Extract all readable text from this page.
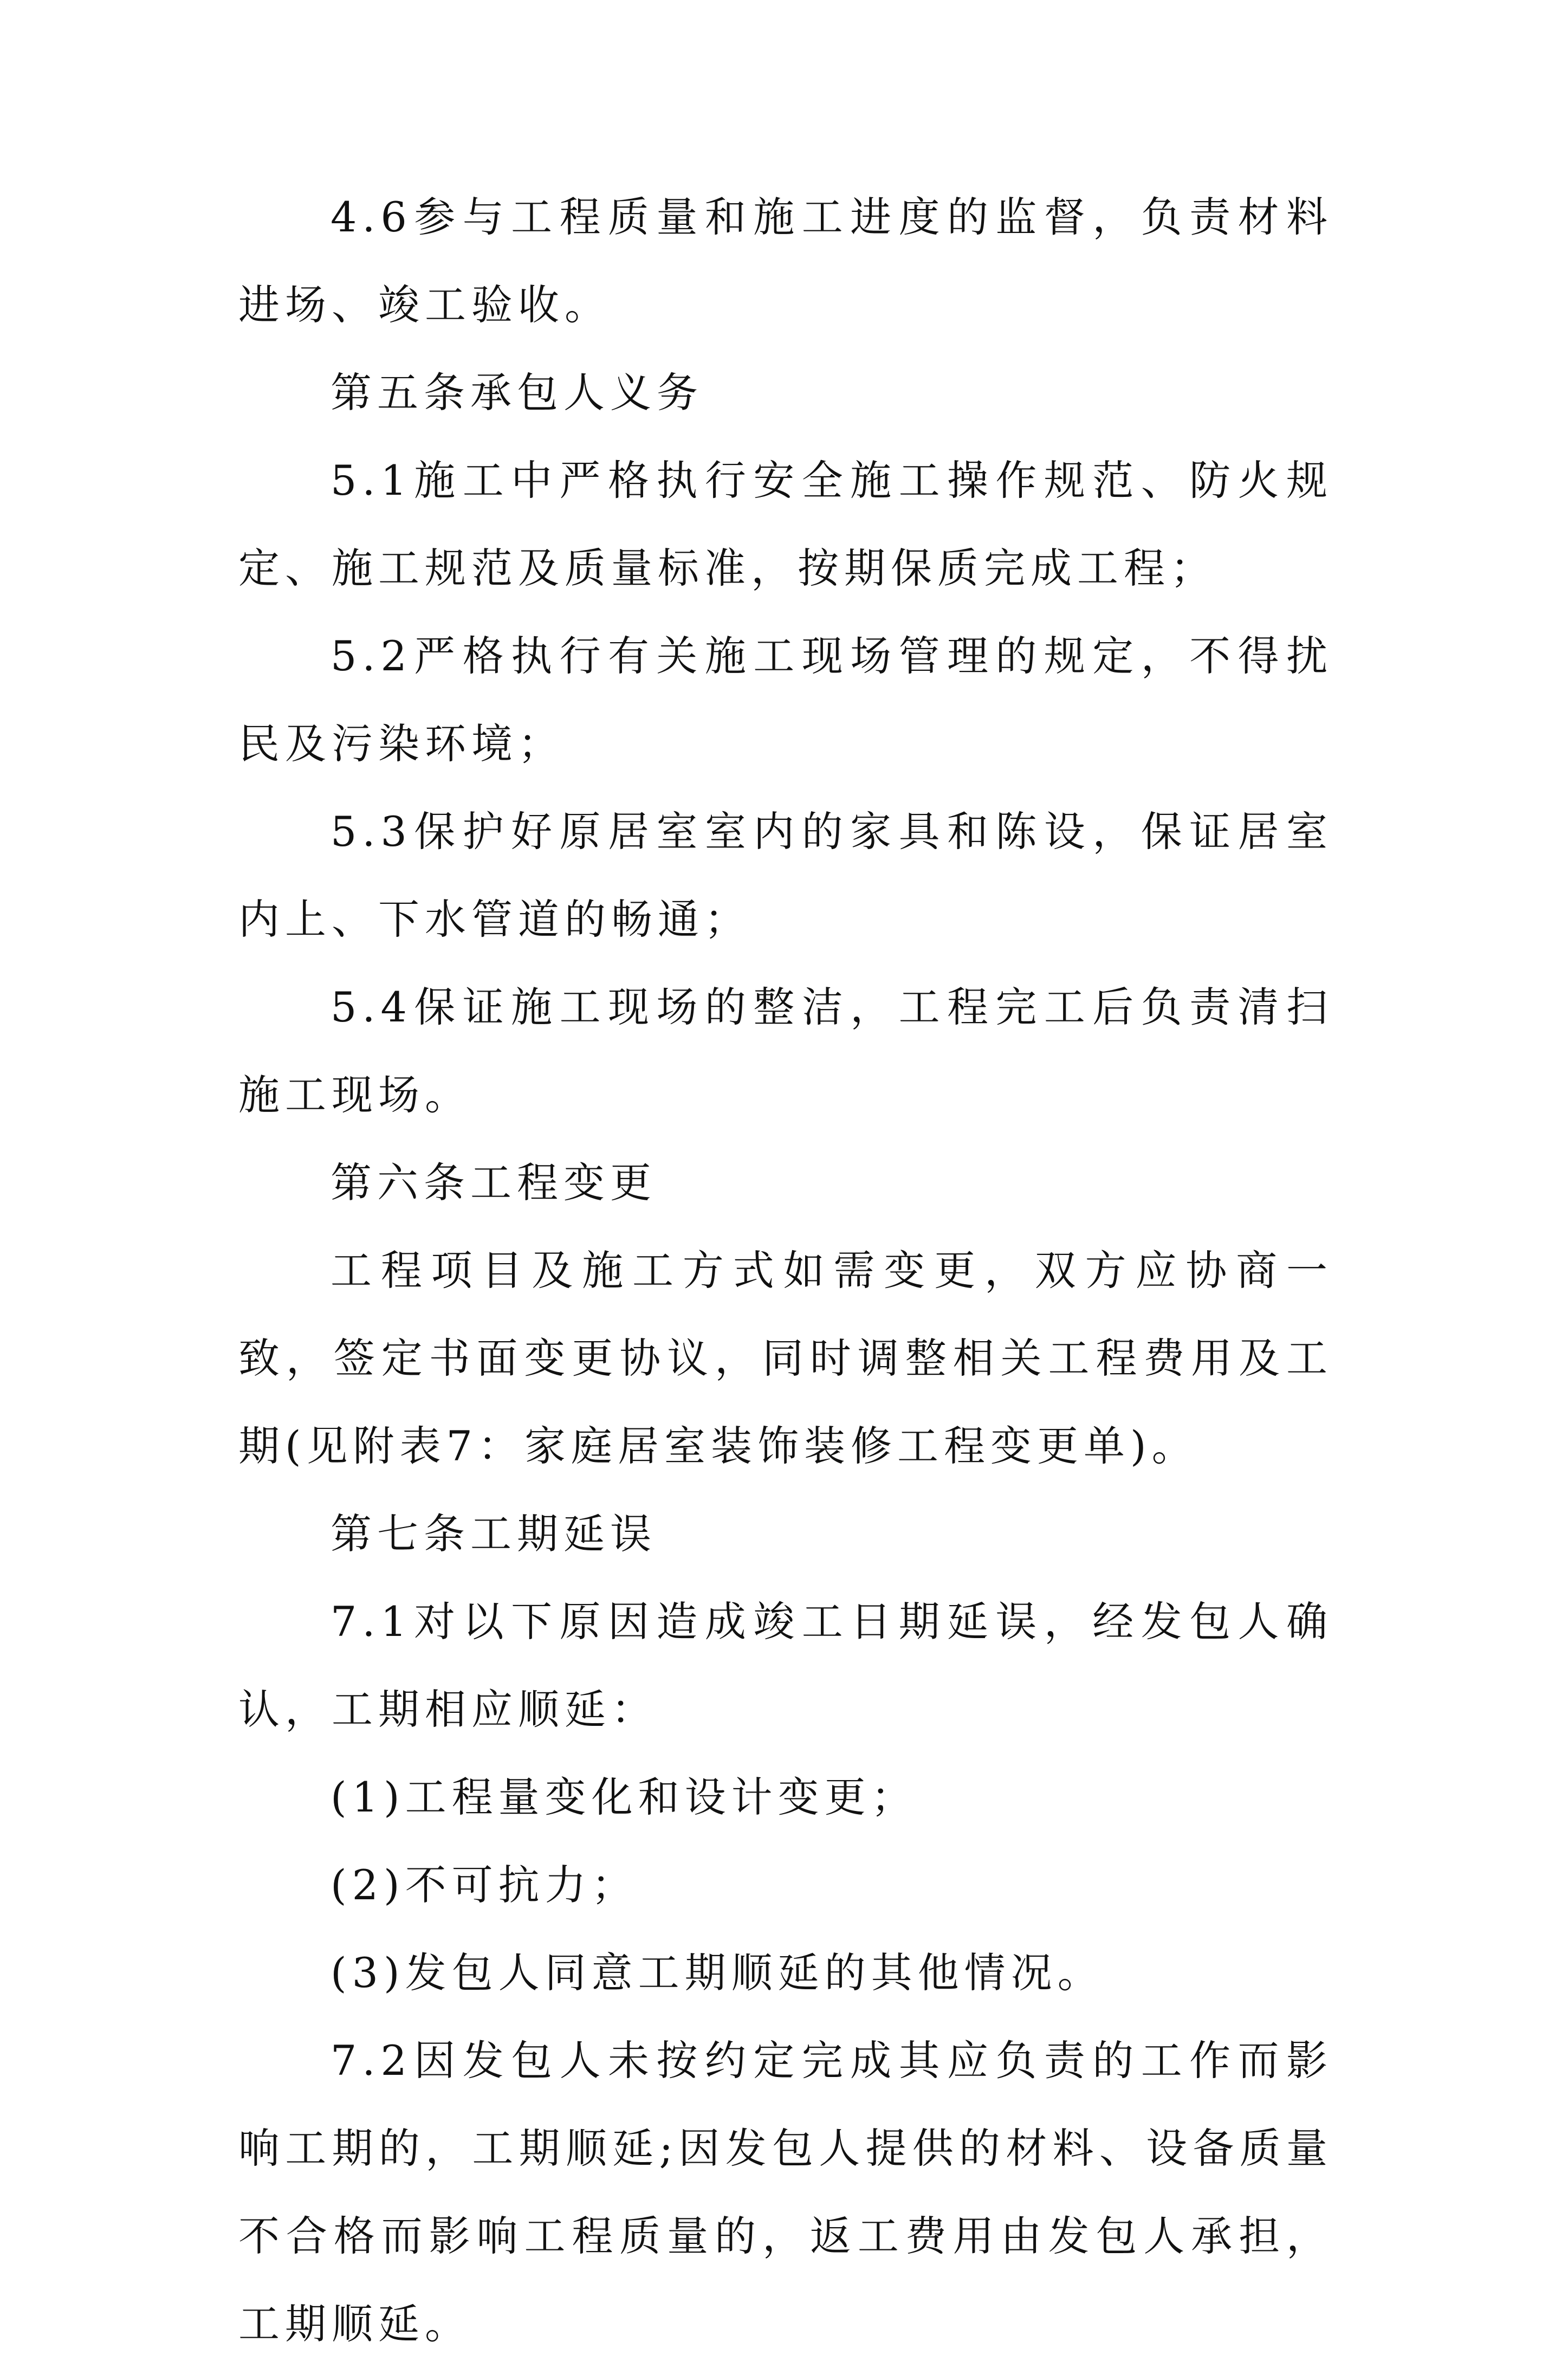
4.6参与工程质量和施工进度的监督，负责材料进场、竣工验收。

第五条承包人义务

5.1施工中严格执行安全施工操作规范、防火规定、施工规范及质量标准，按期保质完成工程；

5.2严格执行有关施工现场管理的规定，不得扰民及污染环境；

5.3保护好原居室室内的家具和陈设，保证居室内上、下水管道的畅通；

5.4保证施工现场的整洁，工程完工后负责清扫施工现场。

第六条工程变更

工程项目及施工方式如需变更，双方应协商一致，签定书面变更协议，同时调整相关工程费用及工期(见附表7：家庭居室装饰装修工程变更单)。

第七条工期延误

7.1对以下原因造成竣工日期延误，经发包人确认，工期相应顺延：

(1)工程量变化和设计变更；

(2)不可抗力；

(3)发包人同意工期顺延的其他情况。

7.2因发包人未按约定完成其应负责的工作而影响工期的，工期顺延;因发包人提供的材料、设备质量不合格而影响工程质量的，返工费用由发包人承担，工期顺延。
